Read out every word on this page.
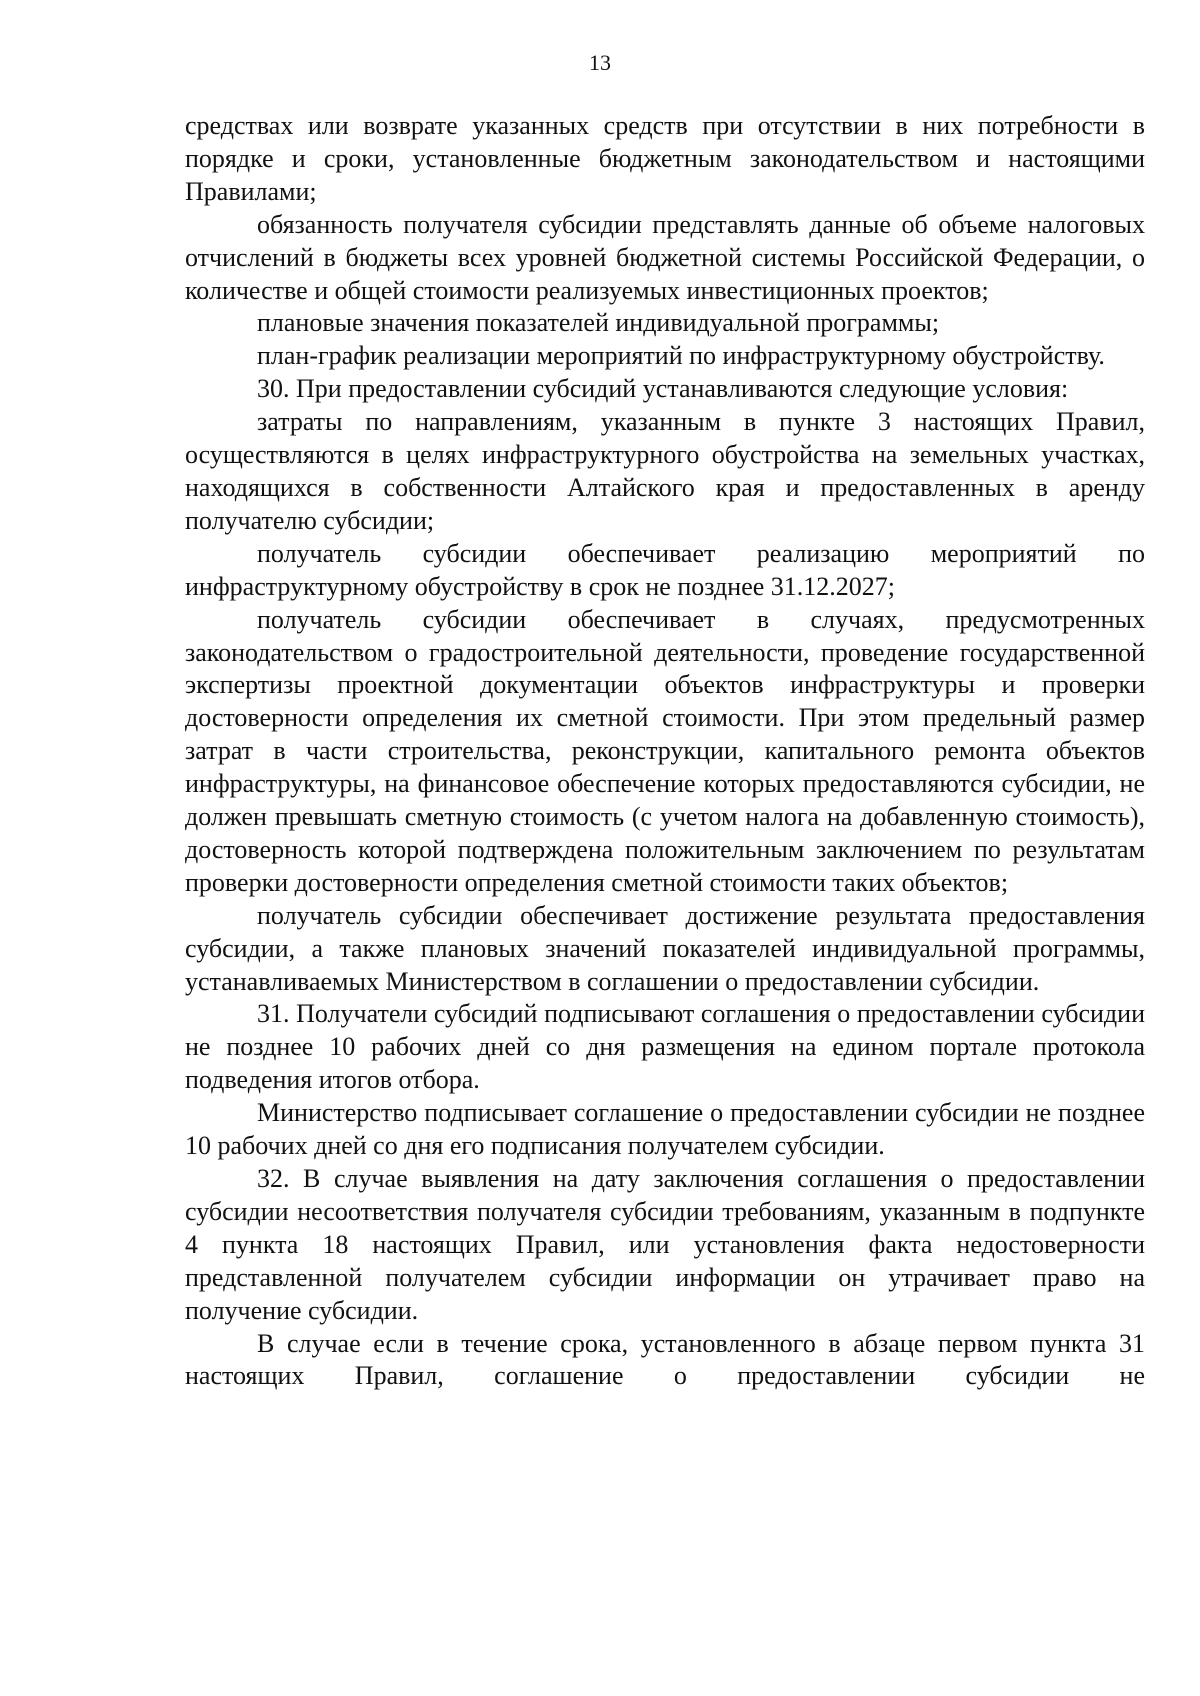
13

средствах или возврате указанных средств при отсутствии в них потребности в порядке и сроки, установленные бюджетным законодательством и настоящими Правилами;

обязанность получателя субсидии представлять данные об объеме налоговых отчислений в бюджеты всех уровней бюджетной системы Российской Федерации, о количестве и общей стоимости реализуемых инвестиционных проектов;

плановые значения показателей индивидуальной программы;

план-график реализации мероприятий по инфраструктурному обустройству.

30. При предоставлении субсидий устанавливаются следующие условия:

затраты по направлениям, указанным в пункте 3 настоящих Правил, осуществляются в целях инфраструктурного обустройства на земельных участках, находящихся в собственности Алтайского края и предоставленных в аренду получателю субсидии;

получатель субсидии обеспечивает реализацию мероприятий по инфраструктурному обустройству в срок не позднее 31.12.2027;

получатель субсидии обеспечивает в случаях, предусмотренных законодательством о градостроительной деятельности, проведение государственной экспертизы проектной документации объектов инфраструктуры и проверки достоверности определения их сметной стоимости. При этом предельный размер затрат в части строительства, реконструкции, капитального ремонта объектов инфраструктуры, на финансовое обеспечение которых предоставляются субсидии, не должен превышать сметную стоимость (с учетом налога на добавленную стоимость), достоверность которой подтверждена положительным заключением по результатам проверки достоверности определения сметной стоимости таких объектов;

получатель субсидии обеспечивает достижение результата предоставления субсидии, а также плановых значений показателей индивидуальной программы, устанавливаемых Министерством в соглашении о предоставлении субсидии.

31. Получатели субсидий подписывают соглашения о предоставлении субсидии не позднее 10 рабочих дней со дня размещения на едином портале протокола подведения итогов отбора.

Министерство подписывает соглашение о предоставлении субсидии не позднее 10 рабочих дней со дня его подписания получателем субсидии.

32. В случае выявления на дату заключения соглашения о предоставлении субсидии несоответствия получателя субсидии требованиям, указанным в подпункте 4 пункта 18 настоящих Правил, или установления факта недостоверности представленной получателем субсидии информации он утрачивает право на получение субсидии.

В случае если в течение срока, установленного в абзаце первом пункта 31 настоящих Правил, соглашение о предоставлении субсидии не
